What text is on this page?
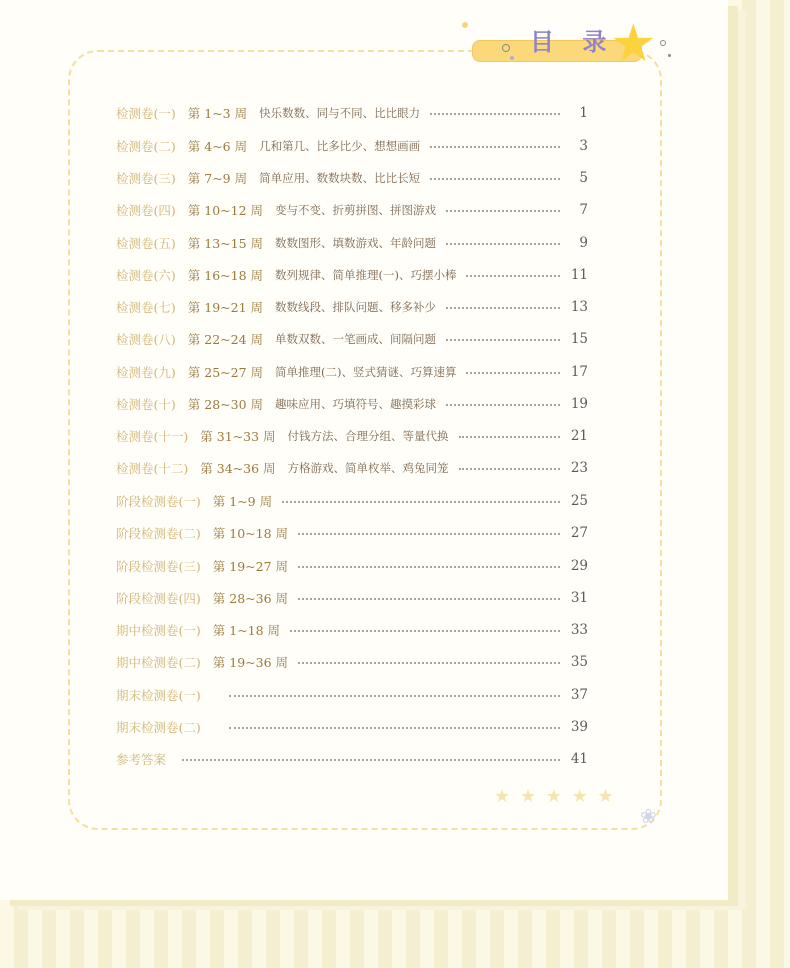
目 录
★
检测卷(一) 第 1~3 周 快乐数数、同与不同、比比眼力	1
检测卷(二) 第 4~6 周 几和第几、比多比少、想想画画	3
检测卷(三) 第 7~9 周 简单应用、数数块数、比比长短	5
检测卷(四) 第 10~12 周 变与不变、折剪拼图、拼图游戏	7
检测卷(五) 第 13~15 周 数数图形、填数游戏、年龄问题	9
检测卷(六) 第 16~18 周 数列规律、简单推理(一)、巧摆小棒	11
检测卷(七) 第 19~21 周 数数线段、排队问题、移多补少	13
检测卷(八) 第 22~24 周 单数双数、一笔画成、间隔问题	15
检测卷(九) 第 25~27 周 简单推理(二)、竖式猜谜、巧算速算	17
检测卷(十) 第 28~30 周 趣味应用、巧填符号、趣摸彩球	19
检测卷(十一) 第 31~33 周 付钱方法、合理分组、等量代换	21
检测卷(十二) 第 34~36 周 方格游戏、简单枚举、鸡兔同笼	23
阶段检测卷(一) 第 1~9 周	25
阶段检测卷(二) 第 10~18 周	27
阶段检测卷(三) 第 19~27 周	29
阶段检测卷(四) 第 28~36 周	31
期中检测卷(一) 第 1~18 周	33
期中检测卷(二) 第 19~36 周	35
期末检测卷(一)	37
期末检测卷(二)	39
参考答案	41
★ ★ ★ ★ ★
❀
